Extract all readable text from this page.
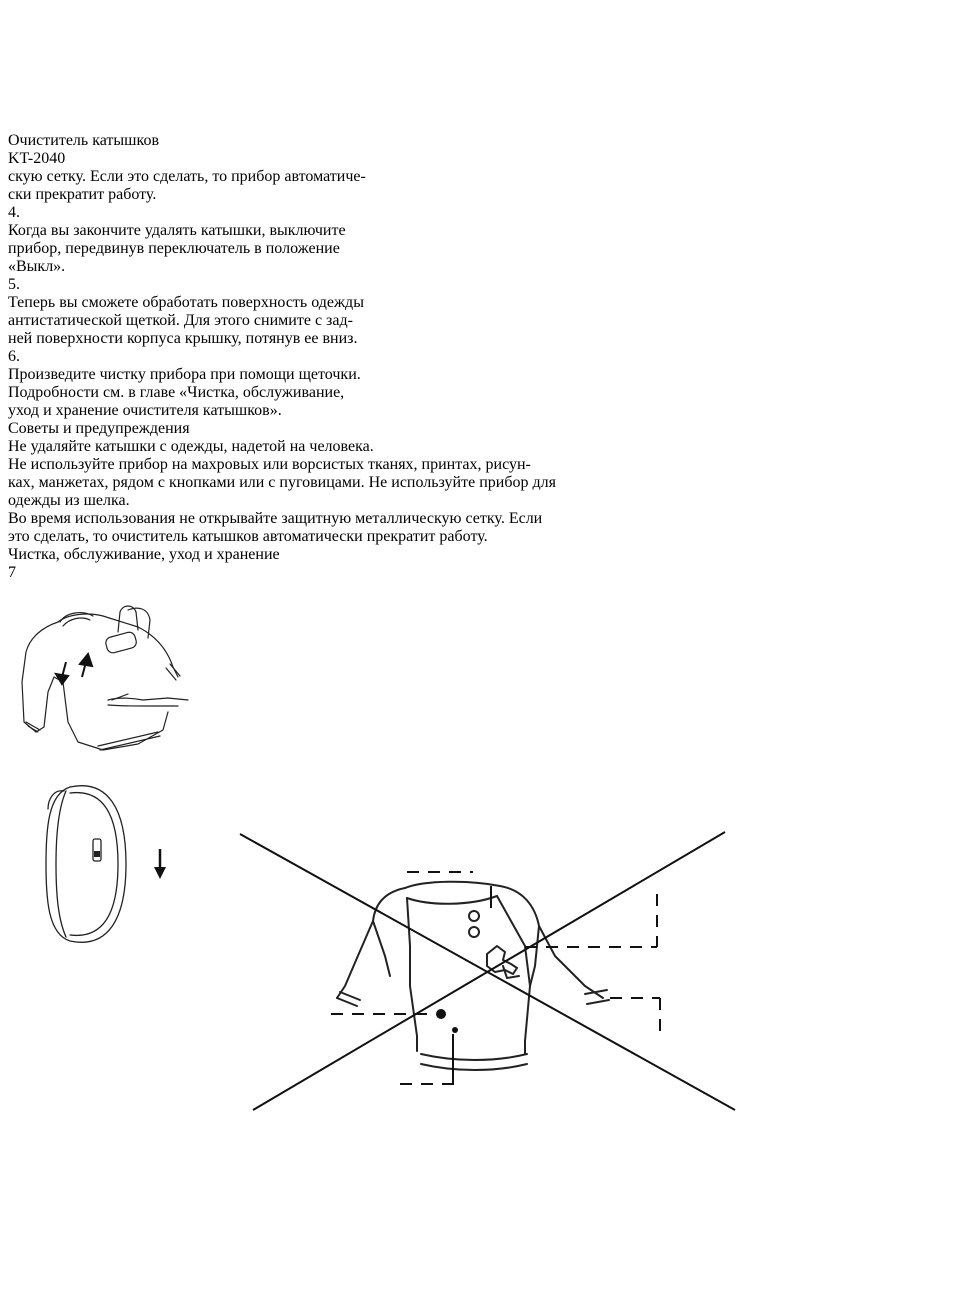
Очиститель катышков
KT-2040
скую сетку. Если это сделать, то прибор автоматиче-
ски прекратит работу.
4.
Когда вы закончите удалять катышки, выключите
прибор, передвинув переключатель в положение
«Выкл».
5.
Теперь вы сможете обработать поверхность одежды
антистатической щеткой. Для этого снимите с зад-
ней поверхности корпуса крышку, потянув ее вниз.
6.
Произведите чистку прибора при помощи щеточки.
Подробности см. в главе «Чистка, обслуживание,
уход и хранение очистителя катышков».
Советы и предупреждения
Не удаляйте катышки с одежды, надетой на человека.
Не используйте прибор на махровых или ворсистых тканях, принтах, рисун-
ках, манжетах, рядом с кнопками или с пуговицами. Не используйте прибор для
одежды из шелка.
Во время использования не открывайте защитную металлическую сетку. Если
это сделать, то очиститель катышков автоматически прекратит работу.
Чистка, обслуживание, уход и хранение
7
